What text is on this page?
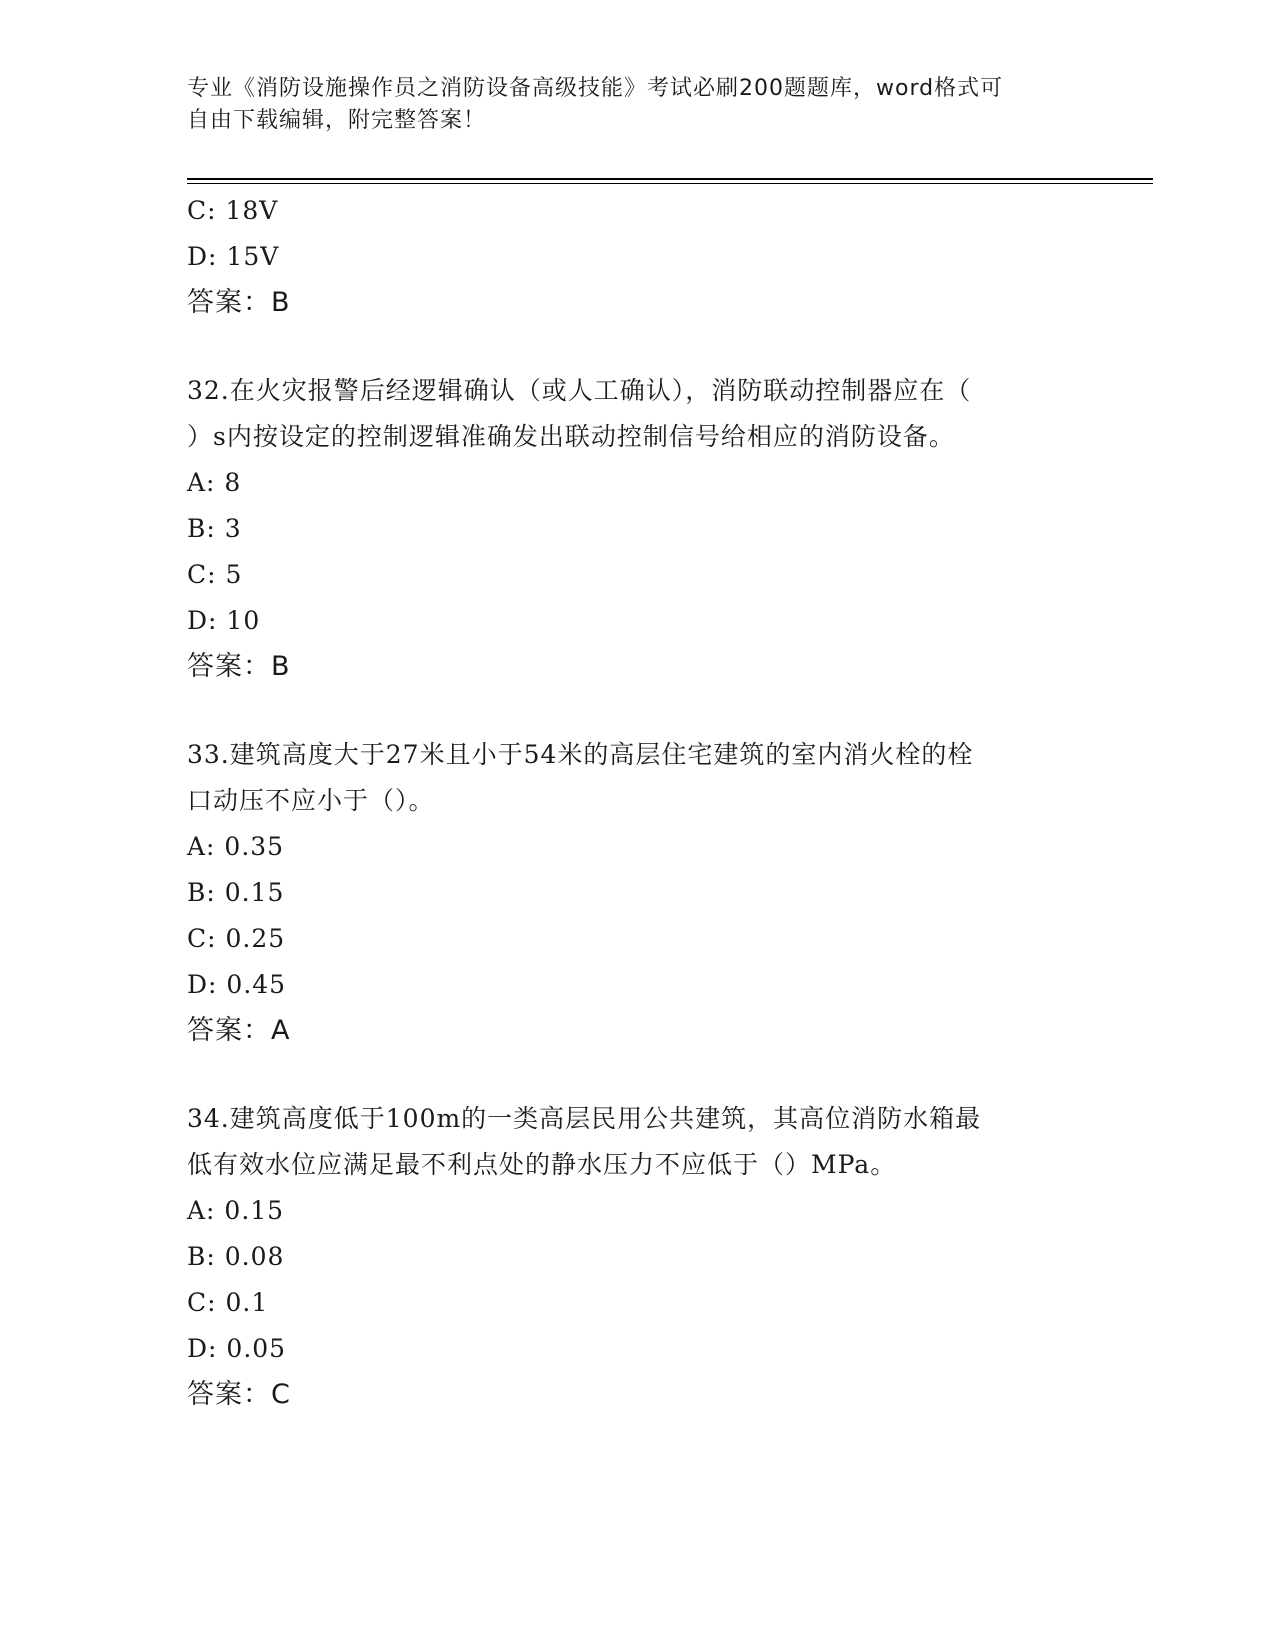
专业《消防设施操作员之消防设备高级技能》考试必刷200题题库，word格式可
自由下载编辑，附完整答案！
C: 18V
D: 15V
答案：B
32.在火灾报警后经逻辑确认（或人工确认），消防联动控制器应在（
）s内按设定的控制逻辑准确发出联动控制信号给相应的消防设备。
A: 8
B: 3
C: 5
D: 10
答案：B
33.建筑高度大于27米且小于54米的高层住宅建筑的室内消火栓的栓
口动压不应小于（）。
A: 0.35
B: 0.15
C: 0.25
D: 0.45
答案：A
34.建筑高度低于100m的一类高层民用公共建筑，其高位消防水箱最
低有效水位应满足最不利点处的静水压力不应低于（）MPa。
A: 0.15
B: 0.08
C: 0.1
D: 0.05
答案：C
